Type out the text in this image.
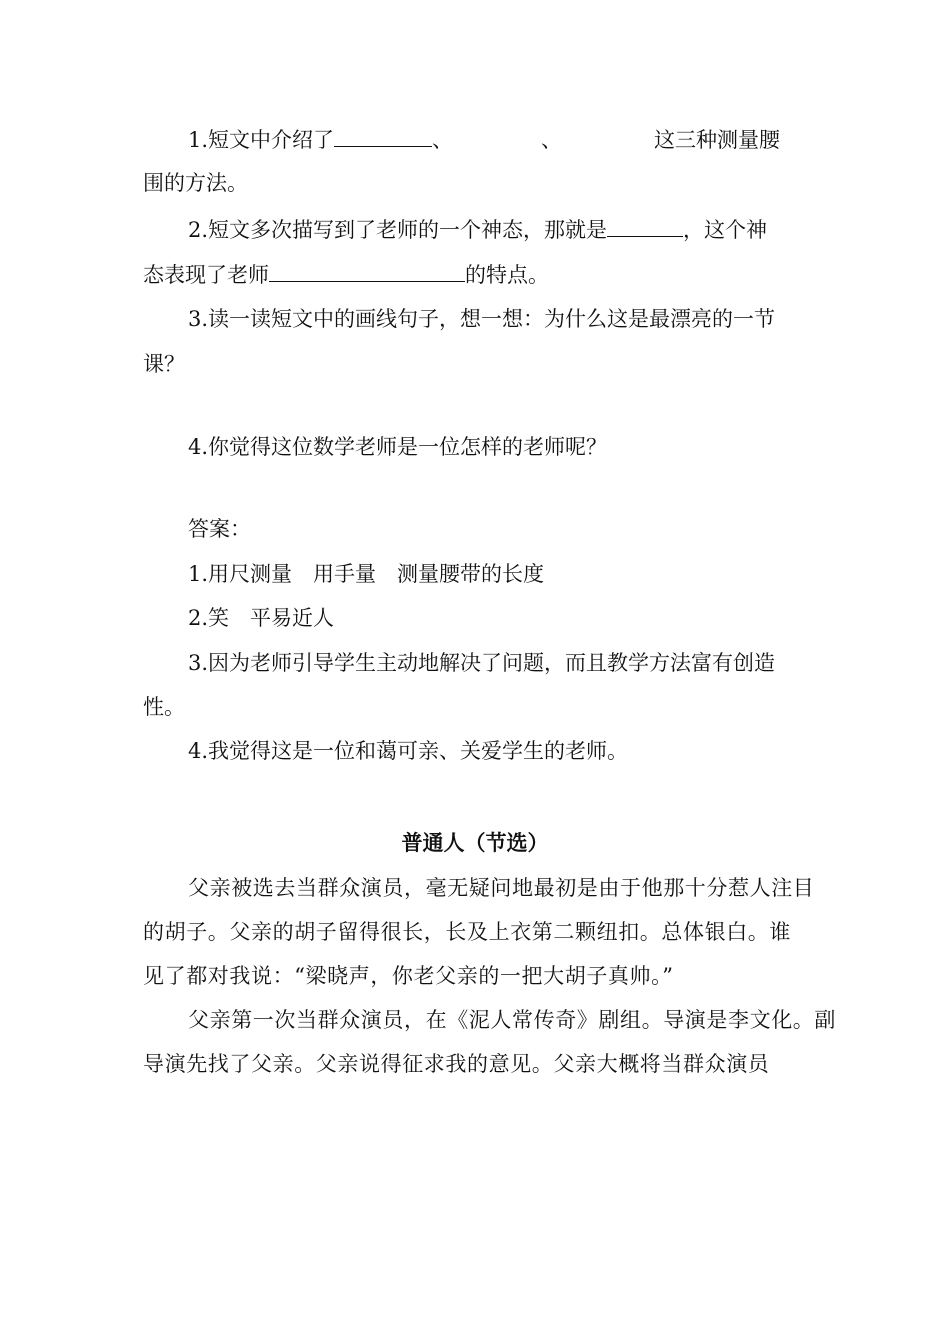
1.短文中介绍了	、	、	这三种测量腰
围的方法。
2.短文多次描写到了老师的一个神态，那就是	，这个神
态表现了老师	的特点。
3.读一读短文中的画线句子，想一想：为什么这是最漂亮的一节
课？
4.你觉得这位数学老师是一位怎样的老师呢？
答案：
1.用尺测量　用手量　测量腰带的长度
2.笑　平易近人
3.因为老师引导学生主动地解决了问题，而且教学方法富有创造
性。
4.我觉得这是一位和蔼可亲、关爱学生的老师。
普通人（节选）
父亲被选去当群众演员，毫无疑问地最初是由于他那十分惹人注目
的胡子。父亲的胡子留得很长，长及上衣第二颗纽扣。总体银白。谁
见了都对我说：“梁晓声，你老父亲的一把大胡子真帅。”
父亲第一次当群众演员，在《泥人常传奇》剧组。导演是李文化。副
导演先找了父亲。父亲说得征求我的意见。父亲大概将当群众演员
